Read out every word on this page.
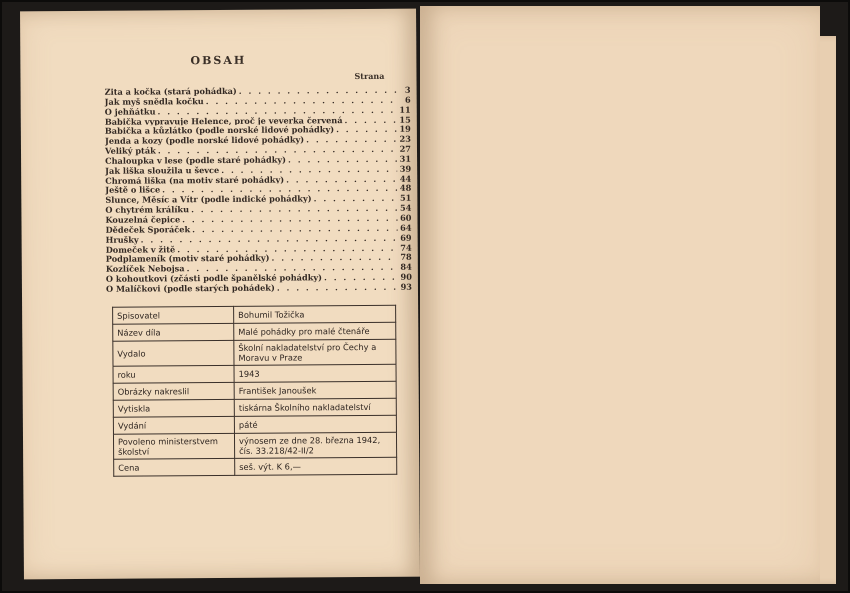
OBSAH
Strana
Zita a kočka (stará pohádka) . . .	3
Jak myš snědla kočku . . .	6
O jehňátku . . .	11
Babička vypravuje Helence, proč je veverka červená . . .	15
Babička a kůzlátko (podle norské lidové pohádky) . . .	19
Jenda a kozy (podle norské lidové pohádky) . . .	23
Veliký pták . . .	27
Chaloupka v lese (podle staré pohádky) . . .	31
Jak liška sloužila u ševce . . .	39
Chromá liška (na motiv staré pohádky) . . .	44
Ještě o lišce . . .	48
Slunce, Měsíc a Vítr (podle indické pohádky) . . .	51
O chytrém králíku . . .	54
Kouzelná čepice . . .	60
Dědeček Sporáček . . .	64
Hrušky . . .	69
Domeček v žitě . . .	74
Podplameník (motiv staré pohádky) . . .	78
Kozlíček Nebojsa . . .	84
O kohoutkovi (zčásti podle španělské pohádky) . . .	90
O Malíčkovi (podle starých pohádek) . . .	93
Spisovatel	Bohumil Tožička
Název díla	Malé pohádky pro malé čtenáře
Vydalo	Školní nakladatelství pro Čechy a Moravu v Praze
roku	1943
Obrázky nakreslil	František Janoušek
Vytiskla	tiskárna Školního nakladatelství
Vydání	páté
Povoleno ministerstvem školství	výnosem ze dne 28. března 1942, čís. 33.218/42-II/2
Cena	seš. výt. K 6,—
